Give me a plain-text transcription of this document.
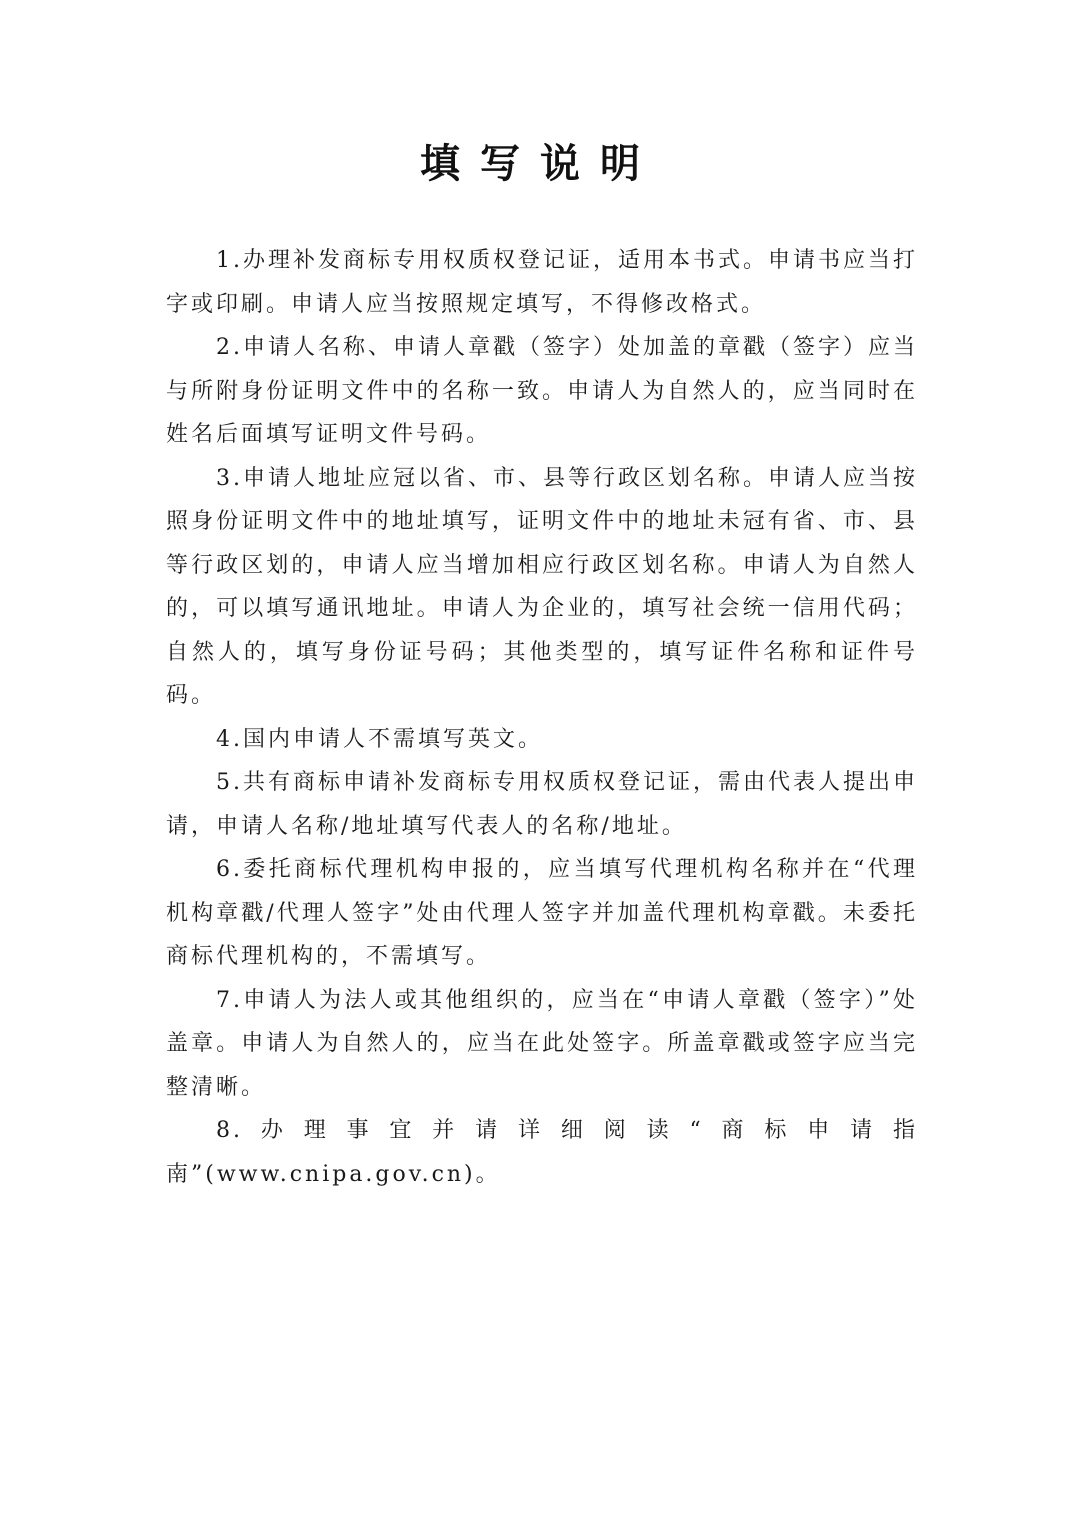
填写说明

1.办理补发商标专用权质权登记证，适用本书式。申请书应当打字或印刷。申请人应当按照规定填写，不得修改格式。

2.申请人名称、申请人章戳（签字）处加盖的章戳（签字）应当与所附身份证明文件中的名称一致。申请人为自然人的，应当同时在姓名后面填写证明文件号码。

3.申请人地址应冠以省、市、县等行政区划名称。申请人应当按照身份证明文件中的地址填写，证明文件中的地址未冠有省、市、县等行政区划的，申请人应当增加相应行政区划名称。申请人为自然人的，可以填写通讯地址。申请人为企业的，填写社会统一信用代码；自然人的，填写身份证号码；其他类型的，填写证件名称和证件号码。

4.国内申请人不需填写英文。

5.共有商标申请补发商标专用权质权登记证，需由代表人提出申请，申请人名称/地址填写代表人的名称/地址。

6.委托商标代理机构申报的，应当填写代理机构名称并在“代理机构章戳/代理人签字”处由代理人签字并加盖代理机构章戳。未委托商标代理机构的，不需填写。

7.申请人为法人或其他组织的，应当在“申请人章戳（签字）”处盖章。申请人为自然人的，应当在此处签字。所盖章戳或签字应当完整清晰。

8.办理事宜并请详细阅读“商标申请指南”(www.cnipa.gov.cn)。
